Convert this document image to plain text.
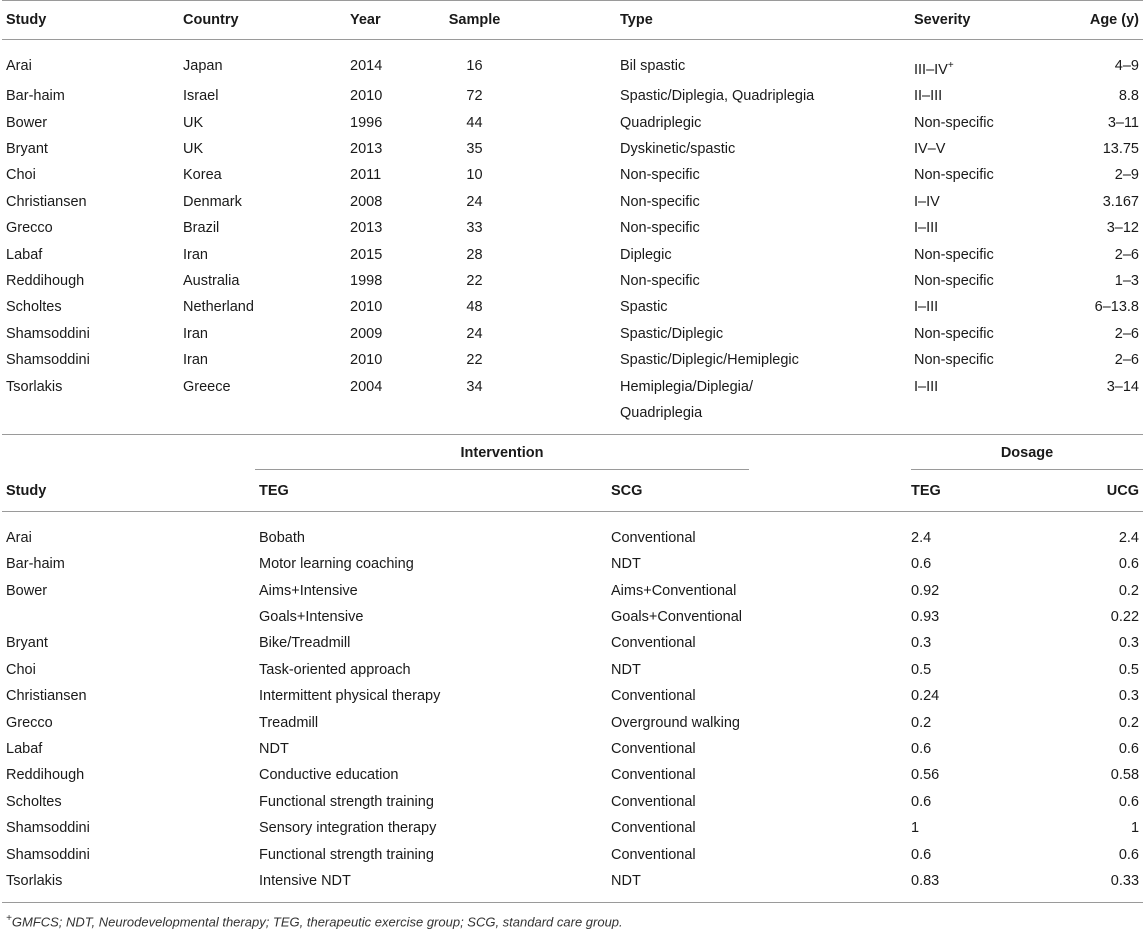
Study	Country	Year	Sample	Type	Severity	Age (y)
Arai	Japan	2014	16	Bil spastic	III–IV+	4–9
Bar-haim	Israel	2010	72	Spastic/Diplegia, Quadriplegia	II–III	8.8
Bower	UK	1996	44	Quadriplegic	Non-specific	3–11
Bryant	UK	2013	35	Dyskinetic/spastic	IV–V	13.75
Choi	Korea	2011	10	Non-specific	Non-specific	2–9
Christiansen	Denmark	2008	24	Non-specific	I–IV	3.167
Grecco	Brazil	2013	33	Non-specific	I–III	3–12
Labaf	Iran	2015	28	Diplegic	Non-specific	2–6
Reddihough	Australia	1998	22	Non-specific	Non-specific	1–3
Scholtes	Netherland	2010	48	Spastic	I–III	6–13.8
Shamsoddini	Iran	2009	24	Spastic/Diplegic	Non-specific	2–6
Shamsoddini	Iran	2010	22	Spastic/Diplegic/Hemiplegic	Non-specific	2–6
Tsorlakis	Greece	2004	34	Hemiplegia/Diplegia/ Quadriplegia	I–III	3–14

	Intervention		Dosage	

Study	TEG	SCG	TEG	UCG
Arai	Bobath	Conventional	2.4	2.4
Bar-haim	Motor learning coaching	NDT	0.6	0.6
Bower	Aims+Intensive	Aims+Conventional	0.92	0.2
	Goals+Intensive	Goals+Conventional	0.93	0.22
Bryant	Bike/Treadmill	Conventional	0.3	0.3
Choi	Task-oriented approach	NDT	0.5	0.5
Christiansen	Intermittent physical therapy	Conventional	0.24	0.3
Grecco	Treadmill	Overground walking	0.2	0.2
Labaf	NDT	Conventional	0.6	0.6
Reddihough	Conductive education	Conventional	0.56	0.58
Scholtes	Functional strength training	Conventional	0.6	0.6
Shamsoddini	Sensory integration therapy	Conventional	1	1
Shamsoddini	Functional strength training	Conventional	0.6	0.6
Tsorlakis	Intensive NDT	NDT	0.83	0.33
+GMFCS; NDT, Neurodevelopmental therapy; TEG, therapeutic exercise group; SCG, standard care group.
